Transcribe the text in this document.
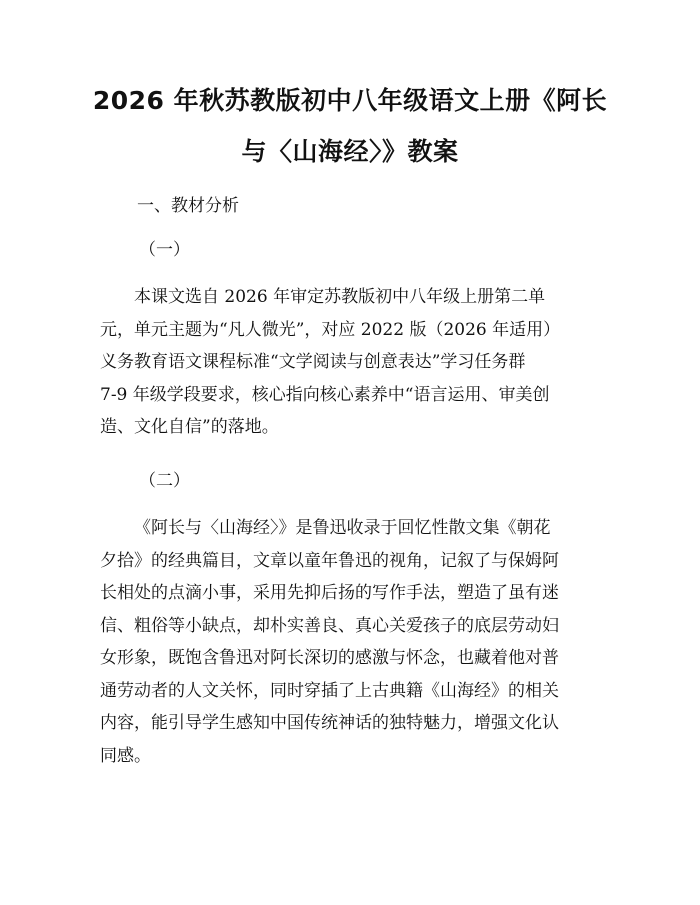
2026 年秋苏教版初中八年级语文上册《阿长
与〈山海经〉》教案

一、教材分析

（一）

本课文选自 2026 年审定苏教版初中八年级上册第二单
元，单元主题为“凡人微光”，对应 2022 版（2026 年适用）
义务教育语文课程标准“文学阅读与创意表达”学习任务群
7-9 年级学段要求，核心指向核心素养中“语言运用、审美创
造、文化自信”的落地。

（二）

《阿长与〈山海经〉》是鲁迅收录于回忆性散文集《朝花
夕拾》的经典篇目，文章以童年鲁迅的视角，记叙了与保姆阿
长相处的点滴小事，采用先抑后扬的写作手法，塑造了虽有迷
信、粗俗等小缺点，却朴实善良、真心关爱孩子的底层劳动妇
女形象，既饱含鲁迅对阿长深切的感激与怀念，也藏着他对普
通劳动者的人文关怀，同时穿插了上古典籍《山海经》的相关
内容，能引导学生感知中国传统神话的独特魅力，增强文化认
同感。
